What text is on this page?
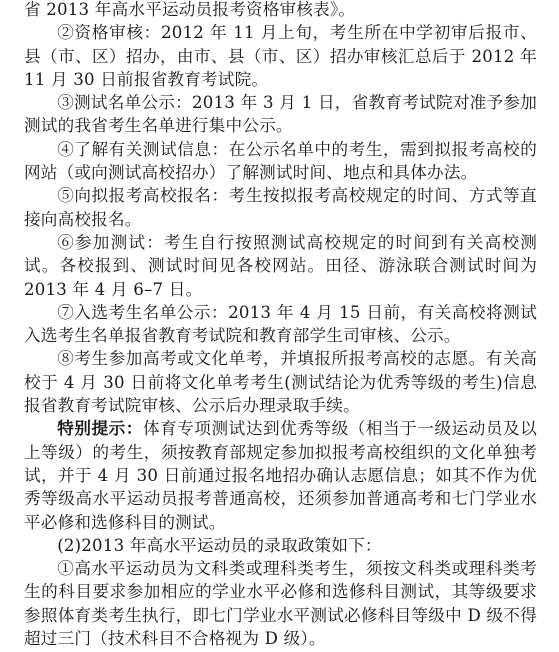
省 2013 年高水平运动员报考资格审核表》。

②资格审核：2012 年 11 月上旬，考生所在中学初审后报市、县（市、区）招办，由市、县（市、区）招办审核汇总后于 2012 年 11 月 30 日前报省教育考试院。

③测试名单公示：2013 年 3 月 1 日，省教育考试院对准予参加测试的我省考生名单进行集中公示。

④了解有关测试信息：在公示名单中的考生，需到拟报考高校的网站（或向测试高校招办）了解测试时间、地点和具体办法。

⑤向拟报考高校报名：考生按拟报考高校规定的时间、方式等直接向高校报名。

⑥参加测试：考生自行按照测试高校规定的时间到有关高校测试。各校报到、测试时间见各校网站。田径、游泳联合测试时间为 2013 年 4 月 6–7 日。

⑦入选考生名单公示：2013 年 4 月 15 日前，有关高校将测试入选考生名单报省教育考试院和教育部学生司审核、公示。

⑧考生参加高考或文化单考，并填报所报考高校的志愿。有关高校于 4 月 30 日前将文化单考考生(测试结论为优秀等级的考生)信息报省教育考试院审核、公示后办理录取手续。

特别提示：体育专项测试达到优秀等级（相当于一级运动员及以上等级）的考生，须按教育部规定参加拟报考高校组织的文化单独考试，并于 4 月 30 日前通过报名地招办确认志愿信息；如其不作为优秀等级高水平运动员报考普通高校，还须参加普通高考和七门学业水平必修和选修科目的测试。

(2)2013 年高水平运动员的录取政策如下：

①高水平运动员为文科类或理科类考生，须按文科类或理科类考生的科目要求参加相应的学业水平必修和选修科目测试，其等级要求参照体育类考生执行，即七门学业水平测试必修科目等级中 D 级不得超过三门（技术科目不合格视为 D 级）。
